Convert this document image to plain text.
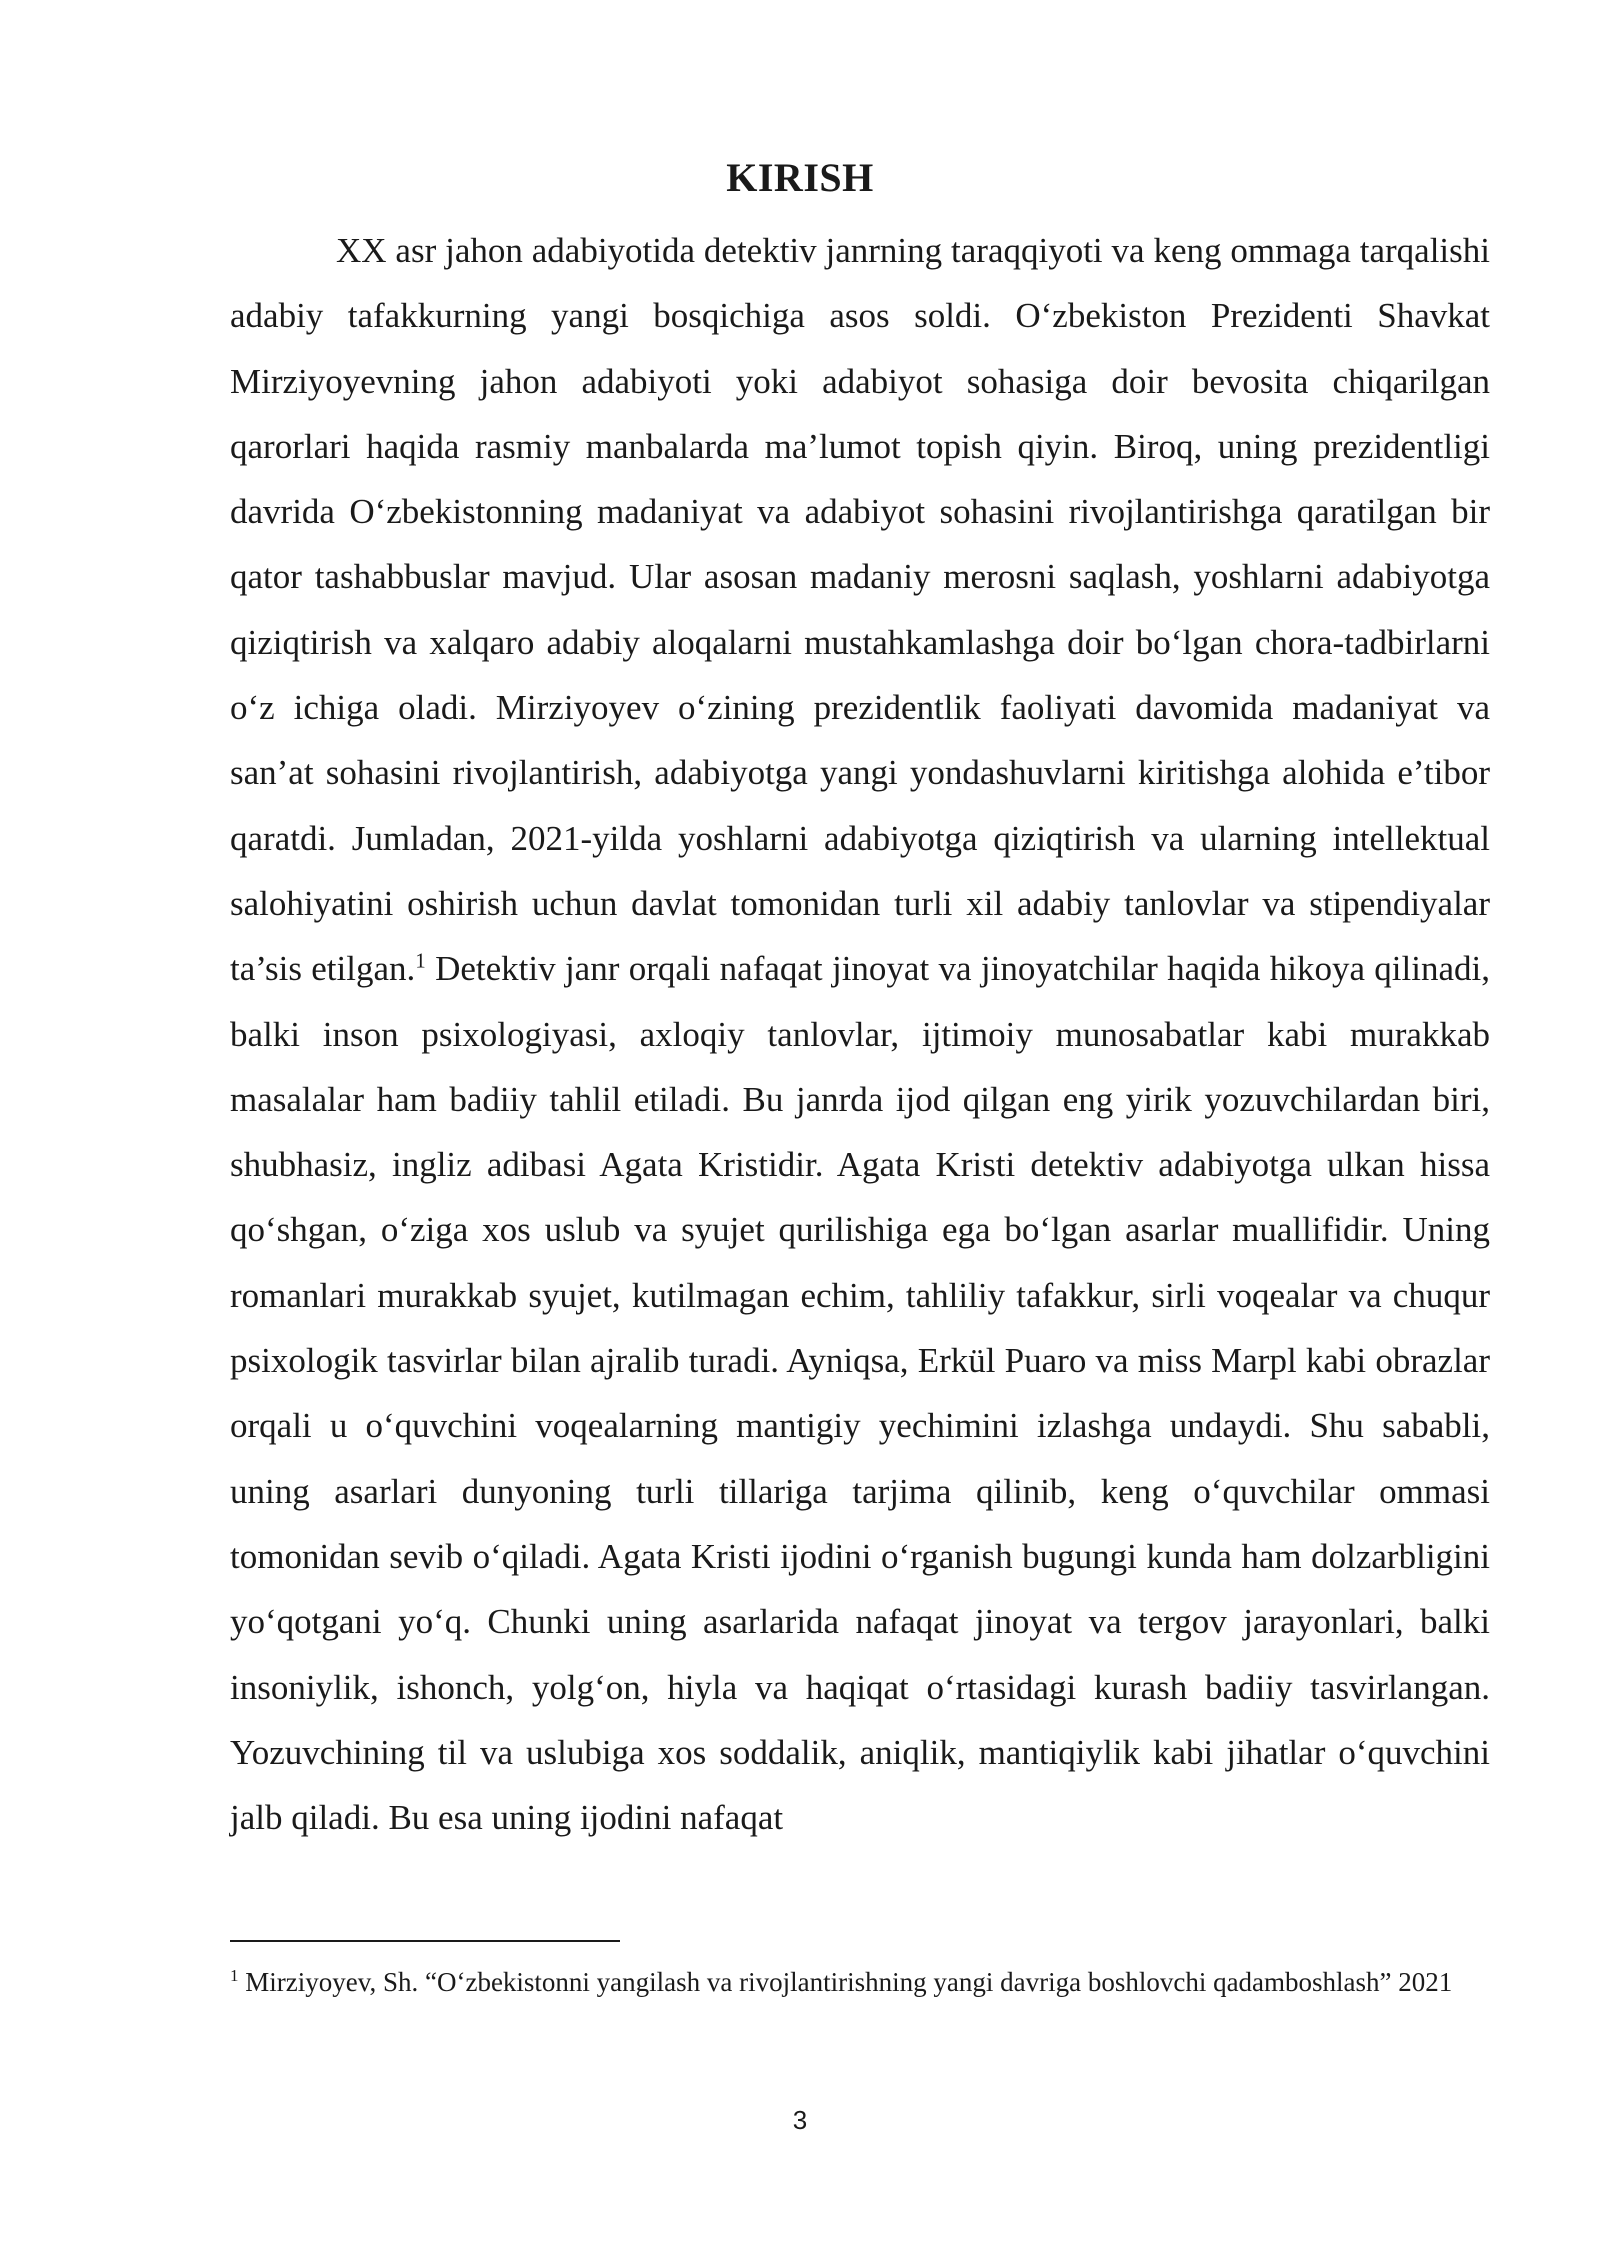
KIRISH

XX asr jahon adabiyotida detektiv janrning taraqqiyoti va keng ommaga tarqalishi adabiy tafakkurning yangi bosqichiga asos soldi. O‘zbekiston Prezidenti Shavkat Mirziyoyevning jahon adabiyoti yoki adabiyot sohasiga doir bevosita chiqarilgan qarorlari haqida rasmiy manbalarda ma’lumot topish qiyin. Biroq, uning prezidentligi davrida O‘zbekistonning madaniyat va adabiyot sohasini rivojlantirishga qaratilgan bir qator tashabbuslar mavjud. Ular asosan madaniy merosni saqlash, yoshlarni adabiyotga qiziqtirish va xalqaro adabiy aloqalarni mustahkamlashga doir bo‘lgan chora-tadbirlarni o‘z ichiga oladi. Mirziyoyev o‘zining prezidentlik faoliyati davomida madaniyat va san’at sohasini rivojlantirish, adabiyotga yangi yondashuvlarni kiritishga alohida e’tibor qaratdi. Jumladan, 2021-yilda yoshlarni adabiyotga qiziqtirish va ularning intellektual salohiyatini oshirish uchun davlat tomonidan turli xil adabiy tanlovlar va stipendiyalar ta’sis etilgan.$^1$ Detektiv janr orqali nafaqat jinoyat va jinoyatchilar haqida hikoya qilinadi, balki inson psixologiyasi, axloqiy tanlovlar, ijtimoiy munosabatlar kabi murakkab masalalar ham badiiy tahlil etiladi. Bu janrda ijod qilgan eng yirik yozuvchilardan biri, shubhasiz, ingliz adibasi Agata Kristidir. Agata Kristi detektiv adabiyotga ulkan hissa qo‘shgan, o‘ziga xos uslub va syujet qurilishiga ega bo‘lgan asarlar muallifidir. Uning romanlari murakkab syujet, kutilmagan echim, tahliliy tafakkur, sirli voqealar va chuqur psixologik tasvirlar bilan ajralib turadi. Ayniqsa, Erkül Puaro va miss Marpl kabi obrazlar orqali u o‘quvchini voqealarning mantigiy yechimini izlashga undaydi. Shu sababli, uning asarlari dunyoning turli tillariga tarjima qilinib, keng o‘quvchilar ommasi tomonidan sevib o‘qiladi. Agata Kristi ijodini o‘rganish bugungi kunda ham dolzarbligini yo‘qotgani yo‘q. Chunki uning asarlarida nafaqat jinoyat va tergov jarayonlari, balki insoniylik, ishonch, yolg‘on, hiyla va haqiqat o‘rtasidagi kurash badiiy tasvirlangan. Yozuvchining til va uslubiga xos soddalik, aniqlik, mantiqiylik kabi jihatlar o‘quvchini jalb qiladi. Bu esa uning ijodini nafaqat

$^1$ Mirziyoyev, Sh. “O‘zbekistonni yangilash va rivojlantirishning yangi davriga boshlovchi qadamboshlash” 2021

3
